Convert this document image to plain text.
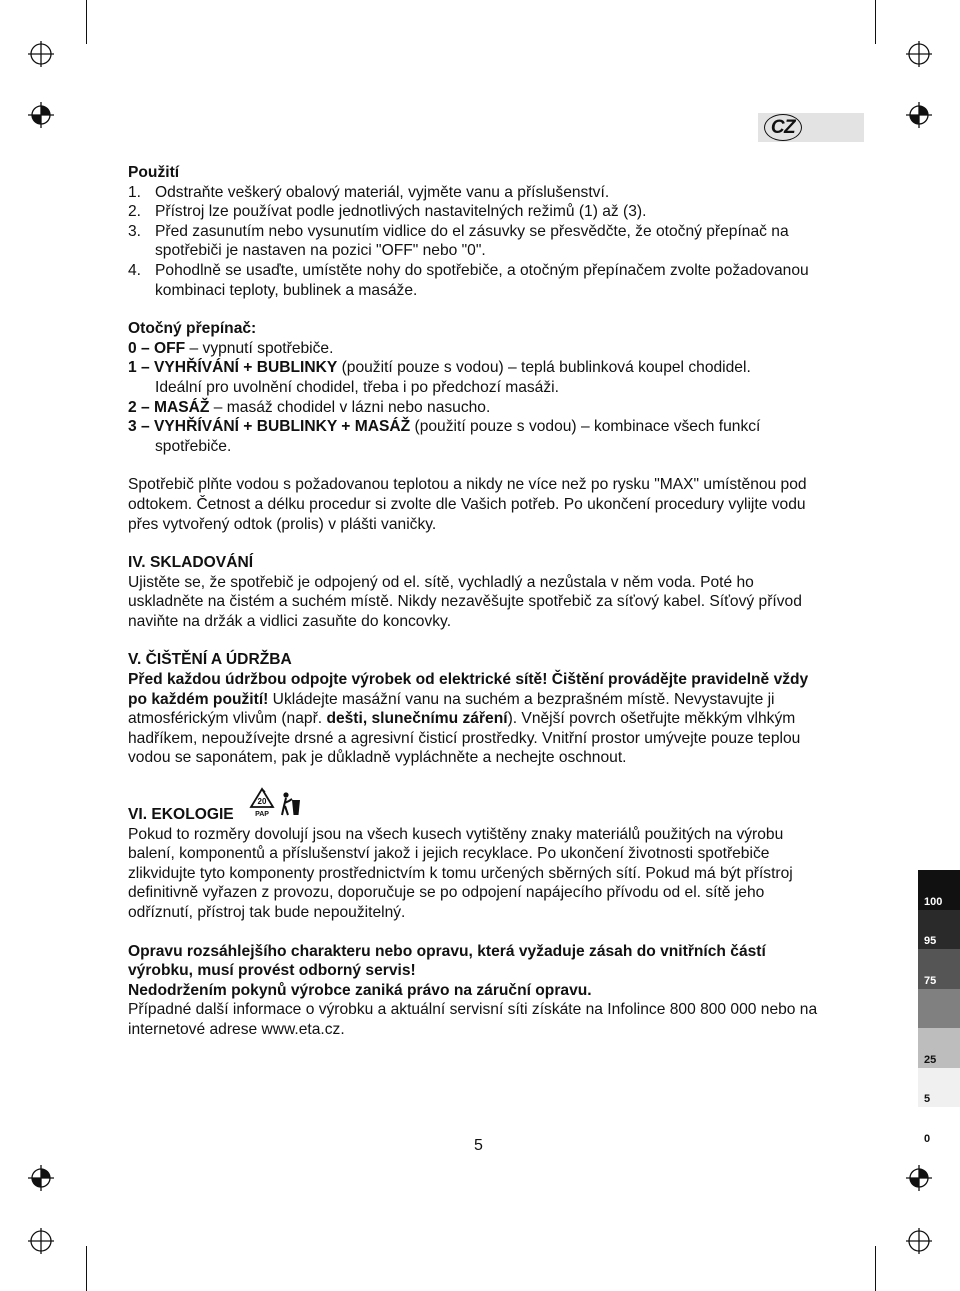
CZ

Použití

1. Odstraňte veškerý obalový materiál, vyjměte vanu a příslušenství.
2. Přístroj lze používat podle jednotlivých nastavitelných režimů (1) až (3).
3. Před zasunutím nebo vysunutím vidlice do el zásuvky se přesvědčte, že otočný přepínač na spotřebiči je nastaven na pozici "OFF" nebo "0".
4. Pohodlně se usaďte, umístěte nohy do spotřebiče, a otočným přepínačem zvolte požadovanou kombinaci teploty, bublinek a masáže.

Otočný přepínač:

0 – OFF – vypnutí spotřebiče.

1 – VYHŘÍVÁNÍ + BUBLINKY (použití pouze s vodou) – teplá bublinková koupel chodidel.

Ideální pro uvolnění chodidel, třeba i po předchozí masáži.

2 – MASÁŽ – masáž chodidel v lázni nebo nasucho.

3 – VYHŘÍVÁNÍ + BUBLINKY + MASÁŽ (použití pouze s vodou) – kombinace všech funkcí

spotřebiče.

Spotřebič plňte vodou s požadovanou teplotou a nikdy ne více než po rysku "MAX" umístěnou pod odtokem. Četnost a délku procedur si zvolte dle Vašich potřeb. Po ukončení procedury vylijte vodu přes vytvořený odtok (prolis) v plášti vaničky.

IV. SKLADOVÁNÍ

Ujistěte se, že spotřebič je odpojený od el. sítě, vychladlý a nezůstala v něm voda. Poté ho uskladněte na čistém a suchém místě. Nikdy nezavěšujte spotřebič za síťový kabel. Síťový přívod naviňte na držák a vidlici zasuňte do koncovky.

V. ČIŠTĚNÍ A ÚDRŽBA

Před každou údržbou odpojte výrobek od elektrické sítě! Čištění provádějte pravidelně vždy po každém použití! Ukládejte masážní vanu na suchém a bezprašném místě. Nevystavujte ji atmosférickým vlivům (např. dešti, slunečnímu záření). Vnější povrch ošetřujte měkkým vlhkým hadříkem, nepoužívejte drsné a agresivní čisticí prostředky. Vnitřní prostor umývejte pouze teplou vodou se saponátem, pak je důkladně vypláchněte a nechejte oschnout.

VI. EKOLOGIE
20
PAP

Pokud to rozměry dovolují jsou na všech kusech vytištěny znaky materiálů použitých na výrobu balení, komponentů a příslušenství jakož i jejich recyklace. Po ukončení životnosti spotřebiče zlikvidujte tyto komponenty prostřednictvím k tomu určených sběrných sítí. Pokud má být přístroj definitivně vyřazen z provozu, doporučuje se po odpojení napájecího přívodu od el. sítě jeho odříznutí, přístroj tak bude nepoužitelný.

Opravu rozsáhlejšího charakteru nebo opravu, která vyžaduje zásah do vnitřních částí výrobku, musí provést odborný servis!

Nedodržením pokynů výrobce zaniká právo na záruční opravu.

Případné další informace o výrobku a aktuální servisní síti získáte na Infolince 800 800 000 nebo na internetové adrese www.eta.cz.

5
100
95
75
25
5
0
